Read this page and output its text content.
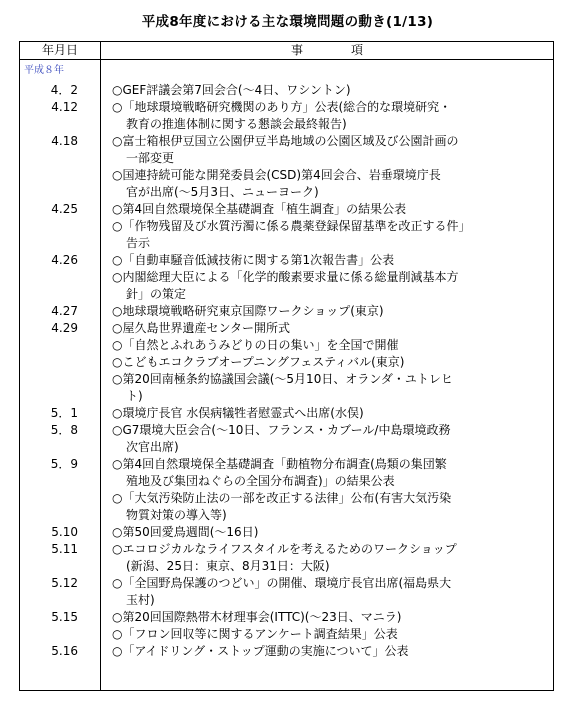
平成8年度における主な環境問題の動き(1/13)
年月日	事項
平成８年
4．2	○GEF評議会第7回会合(～4日、ワシントン)
4.12	○「地球環境戦略研究機関のあり方」公表(総合的な環境研究・
教育の推進体制に関する懇談会最終報告)
4.18	○富士箱根伊豆国立公園伊豆半島地域の公園区域及び公園計画の
一部変更
○国連持続可能な開発委員会(CSD)第4回会合、岩垂環境庁長
官が出席(～5月3日、ニューヨーク)
4.25	○第4回自然環境保全基礎調査「植生調査」の結果公表
○「作物残留及び水質汚濁に係る農薬登録保留基準を改正する件」
告示
4.26	○「自動車騒音低減技術に関する第1次報告書」公表
○内閣総理大臣による「化学的酸素要求量に係る総量削減基本方
針」の策定
4.27	○地球環境戦略研究東京国際ワークショップ(東京)
4.29	○屋久島世界遺産センター開所式
○「自然とふれあうみどりの日の集い」を全国で開催
○こどもエコクラブオープニングフェスティバル(東京)
○第20回南極条約協議国会議(～5月10日、オランダ・ユトレヒ
ト)
5．1	○環境庁長官 水俣病犠牲者慰霊式へ出席(水俣)
5．8	○G7環境大臣会合(～10日、フランス・カブール/中島環境政務
次官出席)
5．9	○第4回自然環境保全基礎調査「動植物分布調査(鳥類の集団繁
殖地及び集団ねぐらの全国分布調査)」の結果公表
○「大気汚染防止法の一部を改正する法律」公布(有害大気汚染
物質対策の導入等)
5.10	○第50回愛鳥週間(～16日)
5.11	○エコロジカルなライフスタイルを考えるためのワークショップ
(新潟、25日：東京、8月31日：大阪)
5.12	○「全国野鳥保護のつどい」の開催、環境庁長官出席(福島県大
玉村)
5.15	○第20回国際熱帯木材理事会(ITTC)(～23日、マニラ)
○「フロン回収等に関するアンケート調査結果」公表
5.16	○「アイドリング・ストップ運動の実施について」公表
